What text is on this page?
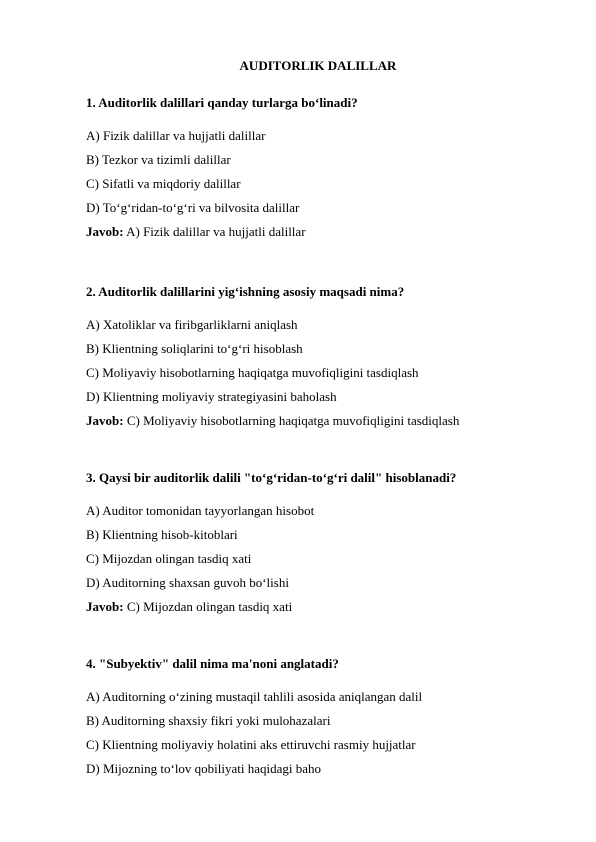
AUDITORLIK DALILLAR

1. Auditorlik dalillari qanday turlarga bo‘linadi?

A) Fizik dalillar va hujjatli dalillar
B) Tezkor va tizimli dalillar
C) Sifatli va miqdoriy dalillar
D) To‘g‘ridan-to‘g‘ri va bilvosita dalillar

Javob: A) Fizik dalillar va hujjatli dalillar

2. Auditorlik dalillarini yig‘ishning asosiy maqsadi nima?

A) Xatoliklar va firibgarliklarni aniqlash
B) Klientning soliqlarini to‘g‘ri hisoblash
C) Moliyaviy hisobotlarning haqiqatga muvofiqligini tasdiqlash
D) Klientning moliyaviy strategiyasini baholash

Javob: C) Moliyaviy hisobotlarning haqiqatga muvofiqligini tasdiqlash

3. Qaysi bir auditorlik dalili "to‘g‘ridan-to‘g‘ri dalil" hisoblanadi?

A) Auditor tomonidan tayyorlangan hisobot
B) Klientning hisob-kitoblari
C) Mijozdan olingan tasdiq xati
D) Auditorning shaxsan guvoh bo‘lishi

Javob: C) Mijozdan olingan tasdiq xati

4. "Subyektiv" dalil nima ma'noni anglatadi?

A) Auditorning o‘zining mustaqil tahlili asosida aniqlangan dalil
B) Auditorning shaxsiy fikri yoki mulohazalari
C) Klientning moliyaviy holatini aks ettiruvchi rasmiy hujjatlar
D) Mijozning to‘lov qobiliyati haqidagi baho
